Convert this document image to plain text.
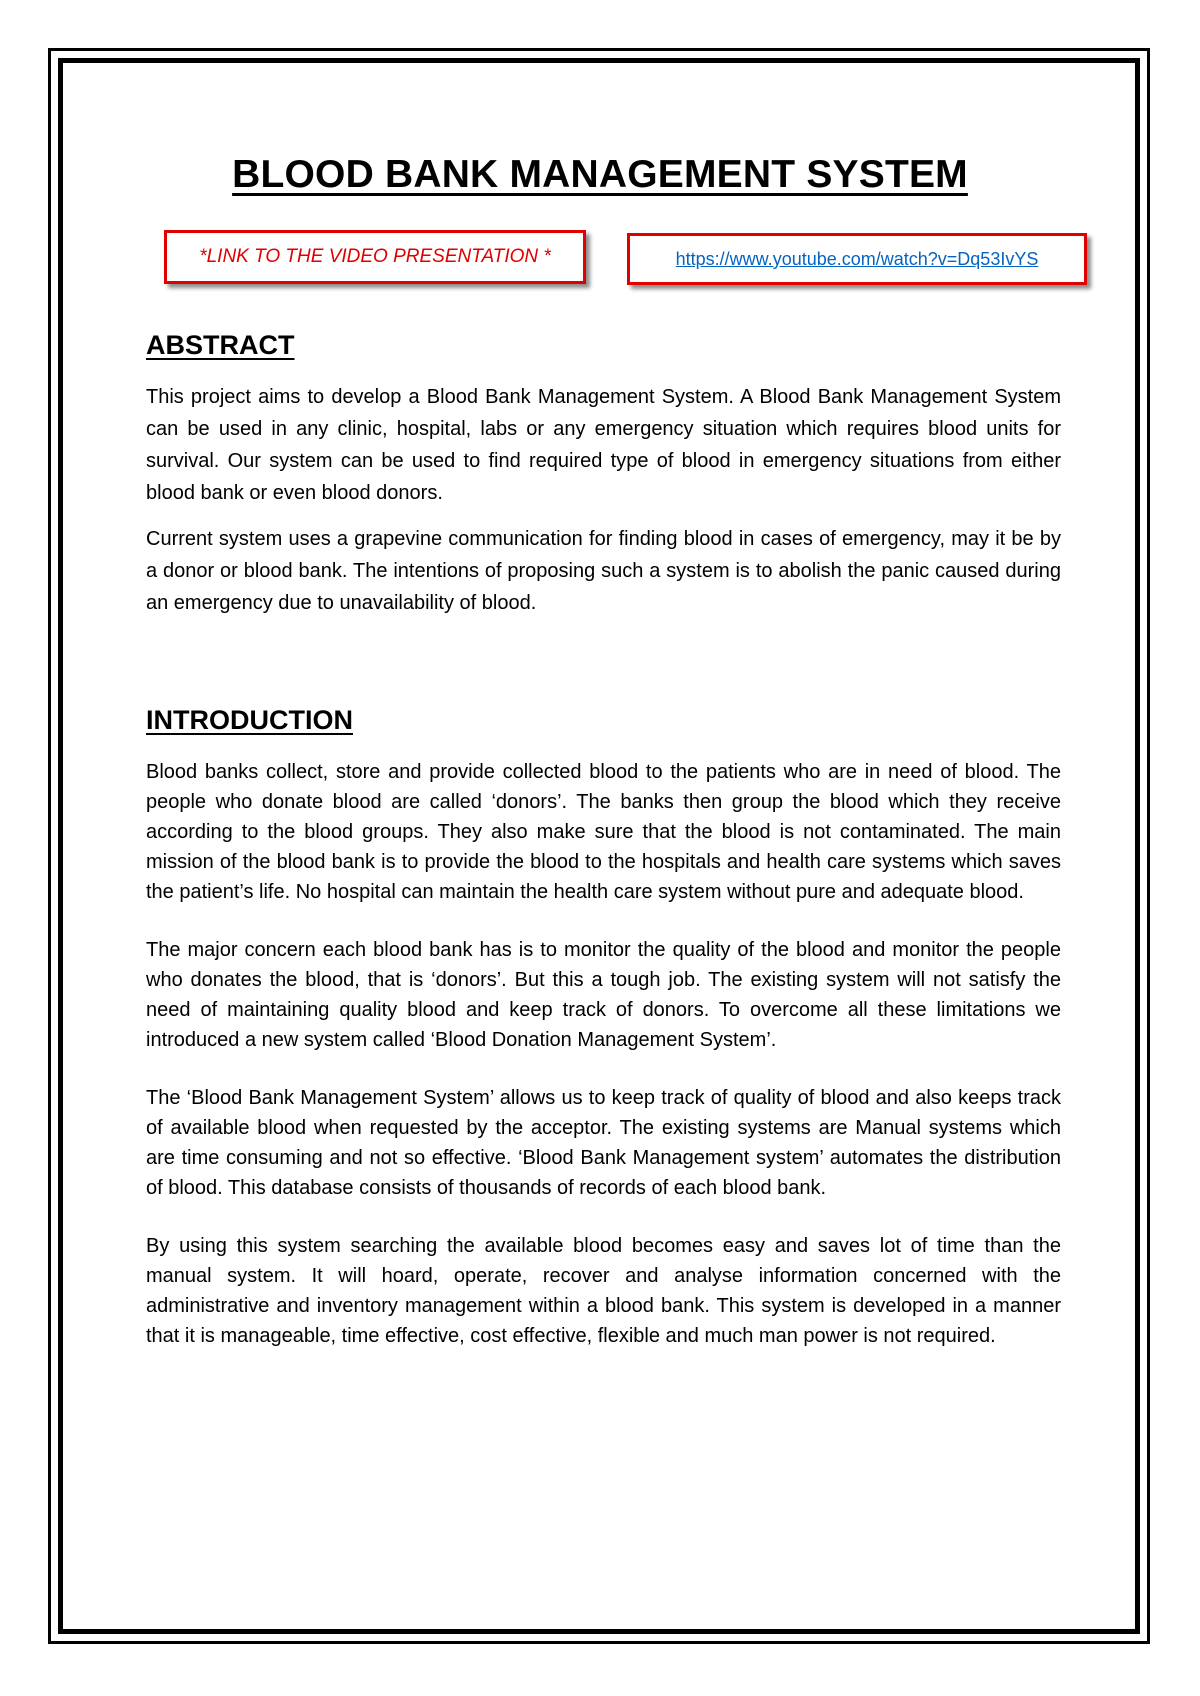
BLOOD BANK MANAGEMENT SYSTEM
*LINK TO THE VIDEO PRESENTATION *	https://www.youtube.com/watch?v=Dq53IvYS
ABSTRACT

This project aims to develop a Blood Bank Management System. A Blood Bank Management System can be used in any clinic, hospital, labs or any emergency situation which requires blood units for survival. Our system can be used to find required type of blood in emergency situations from either blood bank or even blood donors.

Current system uses a grapevine communication for finding blood in cases of emergency, may it be by a donor or blood bank. The intentions of proposing such a system is to abolish the panic caused during an emergency due to unavailability of blood.

INTRODUCTION

Blood banks collect, store and provide collected blood to the patients who are in need of blood. The people who donate blood are called ‘donors’. The banks then group the blood which they receive according to the blood groups. They also make sure that the blood is not contaminated. The main mission of the blood bank is to provide the blood to the hospitals and health care systems which saves the patient’s life. No hospital can maintain the health care system without pure and adequate blood.

The major concern each blood bank has is to monitor the quality of the blood and monitor the people who donates the blood, that is ‘donors’. But this a tough job. The existing system will not satisfy the need of maintaining quality blood and keep track of donors. To overcome all these limitations we introduced a new system called ‘Blood Donation Management System’.

The ‘Blood Bank Management System’ allows us to keep track of quality of blood and also keeps track of available blood when requested by the acceptor. The existing systems are Manual systems which are time consuming and not so effective. ‘Blood Bank Management system’ automates the distribution of blood. This database consists of thousands of records of each blood bank.

By using this system searching the available blood becomes easy and saves lot of time than the manual system. It will hoard, operate, recover and analyse information concerned with the administrative and inventory management within a blood bank. This system is developed in a manner that it is manageable, time effective, cost effective, flexible and much man power is not required.
